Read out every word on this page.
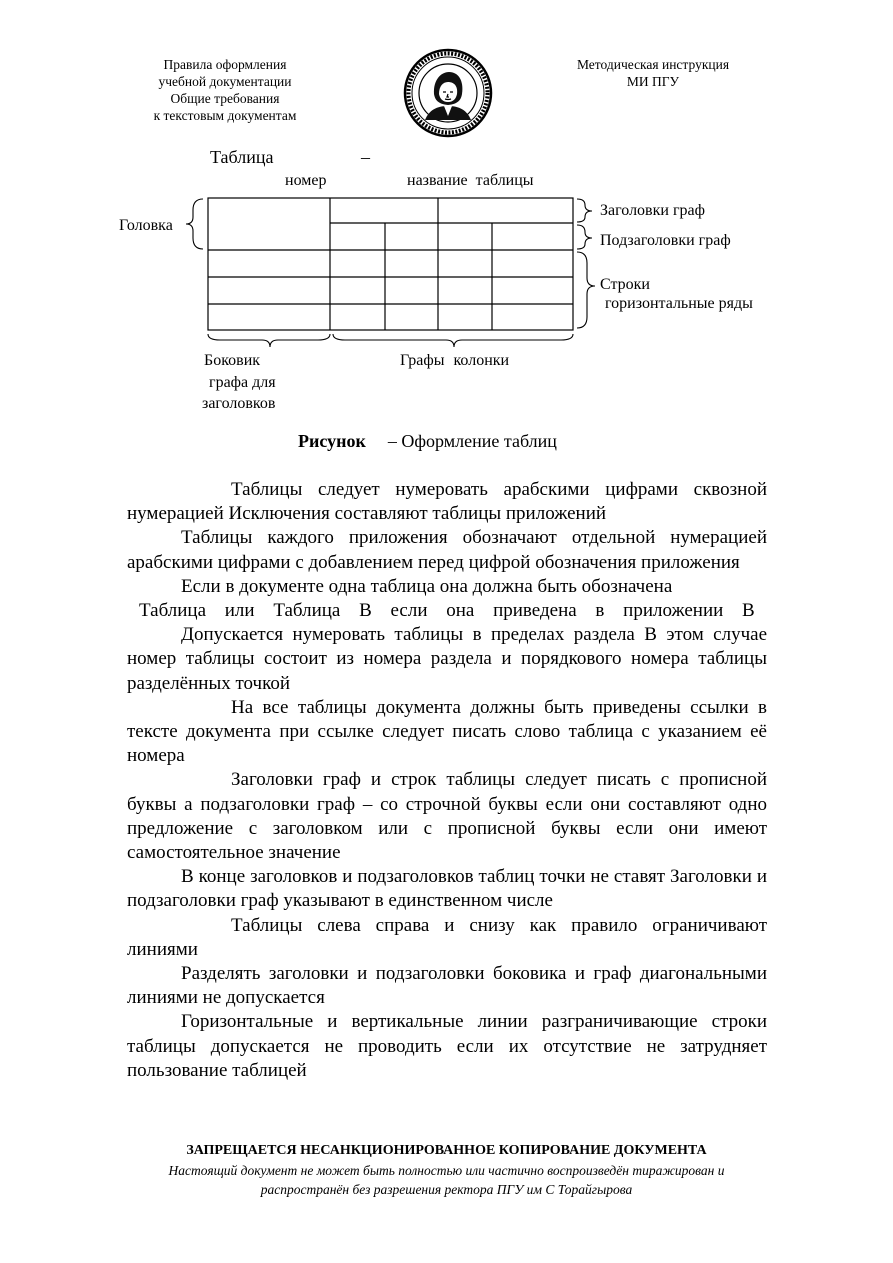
Правила оформления
учебной документации
Общие требования
к текстовым документам
Методическая инструкция
МИ ПГУ
Таблица	–
номер	название таблицы
Головка
Заголовки граф
Подзаголовки граф
Строки
горизонтальные ряды
Боковик
графа для
заголовков
Графы колонки
Рисунок – Оформление таблиц

Таблицы следует нумеровать арабскими цифрами сквозной нумерацией Исключения составляют таблицы приложений

Таблицы каждого приложения обозначают отдельной нумерацией арабскими цифрами с добавлением перед цифрой обозначения приложения

Если в документе одна таблица она должна быть обозначена

Таблица или Таблица В если она приведена в приложении В

Допускается нумеровать таблицы в пределах раздела В этом случае номер таблицы состоит из номера раздела и порядкового номера таблицы разделённых точкой

На все таблицы документа должны быть приведены ссылки в тексте документа при ссылке следует писать слово таблица с указанием её номера

Заголовки граф и строк таблицы следует писать с прописной буквы а подзаголовки граф – со строчной буквы если они составляют одно предложение с заголовком или с прописной буквы если они имеют самостоятельное значение

В конце заголовков и подзаголовков таблиц точки не ставят Заголовки и подзаголовки граф указывают в единственном числе

Таблицы слева справа и снизу как правило ограничивают линиями

Разделять заголовки и подзаголовки боковика и граф диагональными линиями не допускается

Горизонтальные и вертикальные линии разграничивающие строки таблицы допускается не проводить если их отсутствие не затрудняет пользование таблицей

ЗАПРЕЩАЕТСЯ НЕСАНКЦИОНИРОВАННОЕ КОПИРОВАНИЕ ДОКУМЕНТА
Настоящий документ не может быть полностью или частично воспроизведён тиражирован и
распространён без разрешения ректора ПГУ им С Торайгырова
